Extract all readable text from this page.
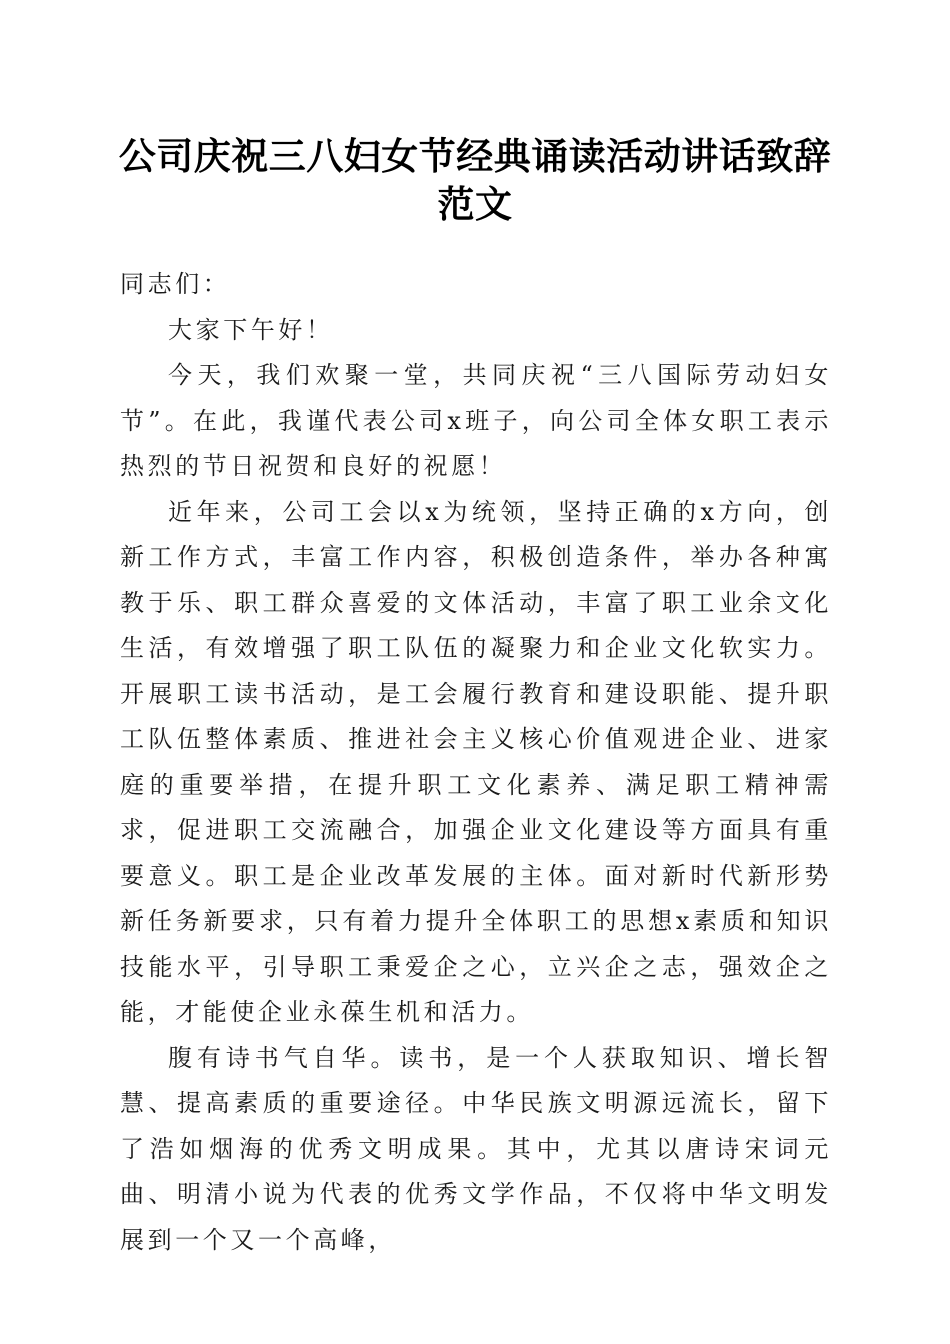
公司庆祝三八妇女节经典诵读活动讲话致辞范文

同志们：

大家下午好！

今天，我们欢聚一堂，共同庆祝“三八国际劳动妇女节”。在此，我谨代表公司x班子，向公司全体女职工表示热烈的节日祝贺和良好的祝愿！

近年来，公司工会以x为统领，坚持正确的x方向，创新工作方式，丰富工作内容，积极创造条件，举办各种寓教于乐、职工群众喜爱的文体活动，丰富了职工业余文化生活，有效增强了职工队伍的凝聚力和企业文化软实力。开展职工读书活动，是工会履行教育和建设职能、提升职工队伍整体素质、推进社会主义核心价值观进企业、进家庭的重要举措，在提升职工文化素养、满足职工精神需求，促进职工交流融合，加强企业文化建设等方面具有重要意义。职工是企业改革发展的主体。面对新时代新形势新任务新要求，只有着力提升全体职工的思想x素质和知识技能水平，引导职工秉爱企之心，立兴企之志，强效企之能，才能使企业永葆生机和活力。

腹有诗书气自华。读书，是一个人获取知识、增长智慧、提高素质的重要途径。中华民族文明源远流长，留下了浩如烟海的优秀文明成果。其中，尤其以唐诗宋词元曲、明清小说为代表的优秀文学作品，不仅将中华文明发展到一个又一个高峰，
